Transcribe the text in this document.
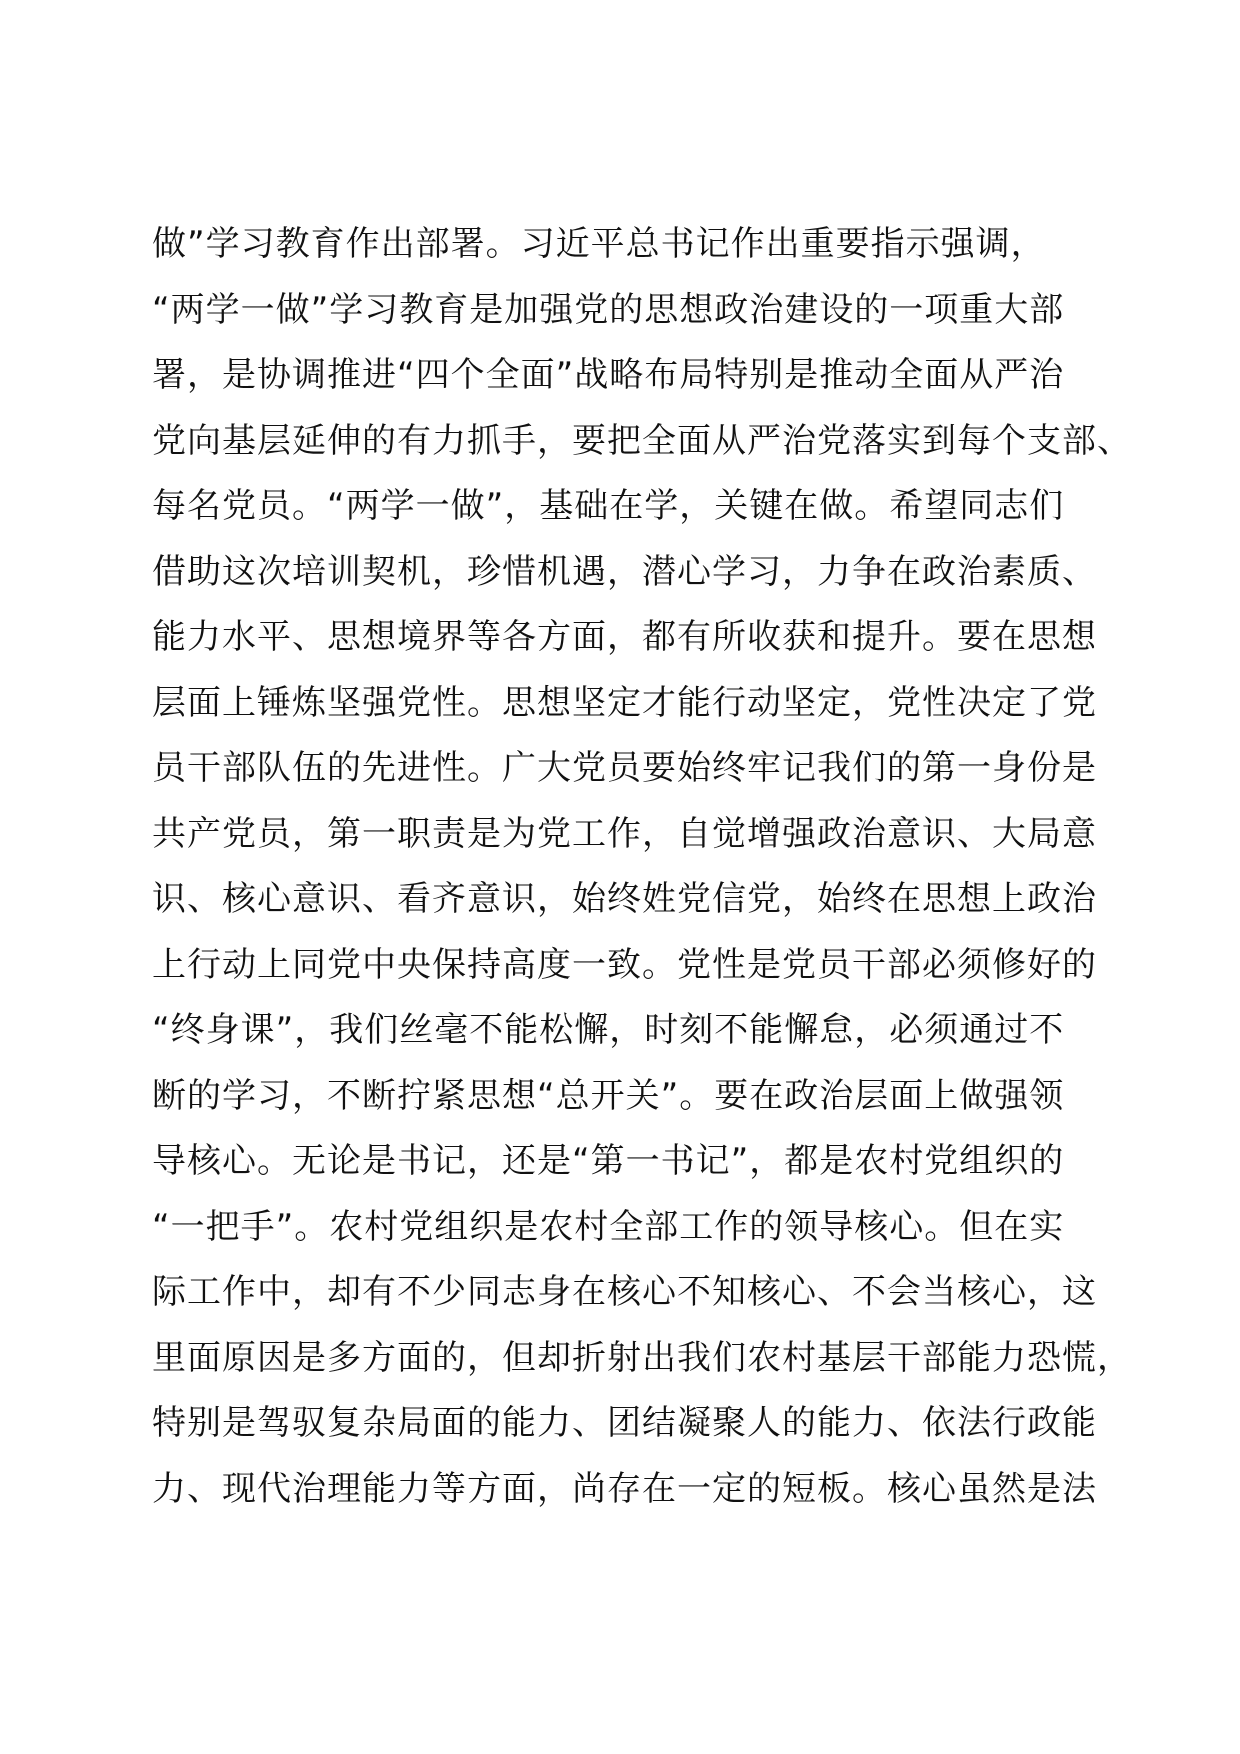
做”学习教育作出部署。习近平总书记作出重要指示强调，
“两学一做”学习教育是加强党的思想政治建设的一项重大部
署，是协调推进“四个全面”战略布局特别是推动全面从严治
党向基层延伸的有力抓手，要把全面从严治党落实到每个支部、
每名党员。“两学一做”，基础在学，关键在做。希望同志们
借助这次培训契机，珍惜机遇，潜心学习，力争在政治素质、
能力水平、思想境界等各方面，都有所收获和提升。要在思想
层面上锤炼坚强党性。思想坚定才能行动坚定，党性决定了党
员干部队伍的先进性。广大党员要始终牢记我们的第一身份是
共产党员，第一职责是为党工作，自觉增强政治意识、大局意
识、核心意识、看齐意识，始终姓党信党，始终在思想上政治
上行动上同党中央保持高度一致。党性是党员干部必须修好的
“终身课”，我们丝毫不能松懈，时刻不能懈怠，必须通过不
断的学习，不断拧紧思想“总开关”。要在政治层面上做强领
导核心。无论是书记，还是“第一书记”，都是农村党组织的
“一把手”。农村党组织是农村全部工作的领导核心。但在实
际工作中，却有不少同志身在核心不知核心、不会当核心，这
里面原因是多方面的，但却折射出我们农村基层干部能力恐慌，
特别是驾驭复杂局面的能力、团结凝聚人的能力、依法行政能
力、现代治理能力等方面，尚存在一定的短板。核心虽然是法
